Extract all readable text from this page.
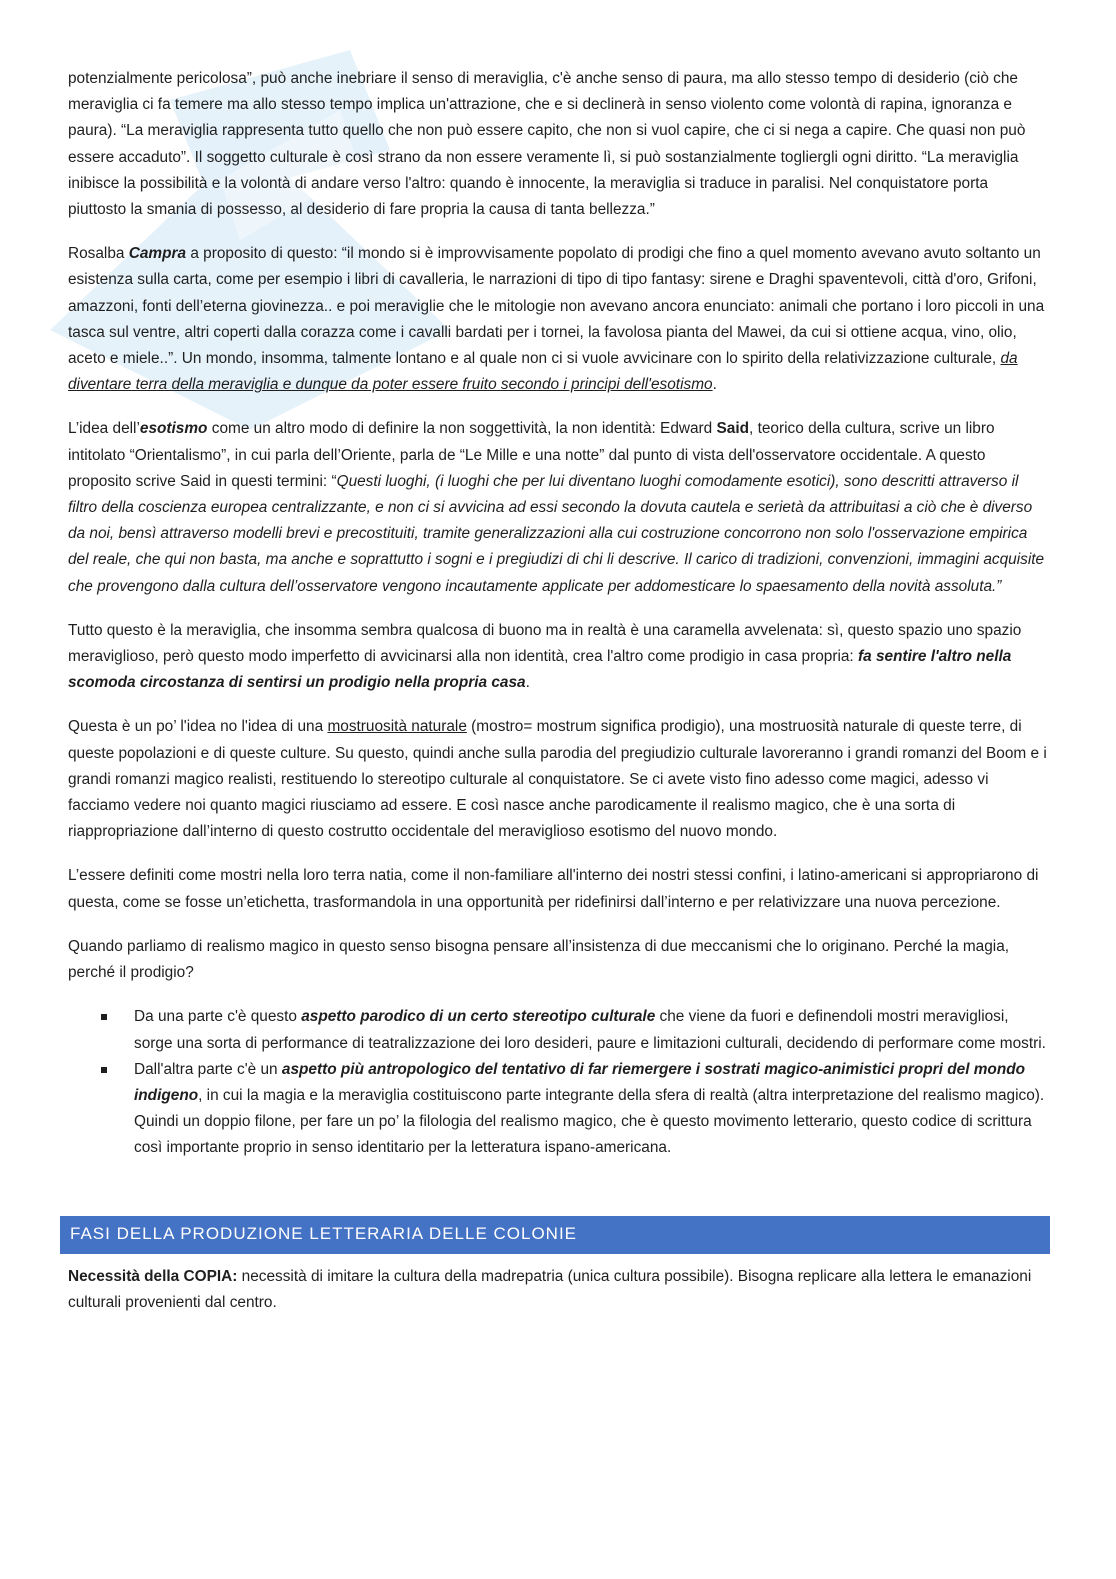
potenzialmente pericolosa”, può anche inebriare il senso di meraviglia, c'è anche senso di paura, ma allo stesso tempo di desiderio (ciò che meraviglia ci fa temere ma allo stesso tempo implica un'attrazione, che e si declinerà in senso violento come volontà di rapina, ignoranza e paura). “La meraviglia rappresenta tutto quello che non può essere capito, che non si vuol capire, che ci si nega a capire. Che quasi non può essere accaduto”. Il soggetto culturale è così strano da non essere veramente lì, si può sostanzialmente togliergli ogni diritto. “La meraviglia inibisce la possibilità e la volontà di andare verso l'altro: quando è innocente, la meraviglia si traduce in paralisi. Nel conquistatore porta piuttosto la smania di possesso, al desiderio di fare propria la causa di tanta bellezza.”

Rosalba Campra a proposito di questo: “il mondo si è improvvisamente popolato di prodigi che fino a quel momento avevano avuto soltanto un esistenza sulla carta, come per esempio i libri di cavalleria, le narrazioni di tipo di tipo fantasy: sirene e Draghi spaventevoli, città d'oro, Grifoni, amazzoni, fonti dell’eterna giovinezza.. e poi meraviglie che le mitologie non avevano ancora enunciato: animali che portano i loro piccoli in una tasca sul ventre, altri coperti dalla corazza come i cavalli bardati per i tornei, la favolosa pianta del Mawei, da cui si ottiene acqua, vino, olio, aceto e miele..”. Un mondo, insomma, talmente lontano e al quale non ci si vuole avvicinare con lo spirito della relativizzazione culturale, da diventare terra della meraviglia e dunque da poter essere fruito secondo i principi dell'esotismo.

L’idea dell’esotismo come un altro modo di definire la non soggettività, la non identità: Edward Said, teorico della cultura, scrive un libro intitolato “Orientalismo”, in cui parla dell’Oriente, parla de “Le Mille e una notte” dal punto di vista dell'osservatore occidentale. A questo proposito scrive Said in questi termini: “Questi luoghi, (i luoghi che per lui diventano luoghi comodamente esotici), sono descritti attraverso il filtro della coscienza europea centralizzante, e non ci si avvicina ad essi secondo la dovuta cautela e serietà da attribuitasi a ciò che è diverso da noi, bensì attraverso modelli brevi e precostituiti, tramite generalizzazioni alla cui costruzione concorrono non solo l'osservazione empirica del reale, che qui non basta, ma anche e soprattutto i sogni e i pregiudizi di chi li descrive. Il carico di tradizioni, convenzioni, immagini acquisite che provengono dalla cultura dell’osservatore vengono incautamente applicate per addomesticare lo spaesamento della novità assoluta.”

Tutto questo è la meraviglia, che insomma sembra qualcosa di buono ma in realtà è una caramella avvelenata: sì, questo spazio uno spazio meraviglioso, però questo modo imperfetto di avvicinarsi alla non identità, crea l'altro come prodigio in casa propria: fa sentire l'altro nella scomoda circostanza di sentirsi un prodigio nella propria casa.

Questa è un po’ l'idea no l'idea di una mostruosità naturale (mostro= mostrum significa prodigio), una mostruosità naturale di queste terre, di queste popolazioni e di queste culture. Su questo, quindi anche sulla parodia del pregiudizio culturale lavoreranno i grandi romanzi del Boom e i grandi romanzi magico realisti, restituendo lo stereotipo culturale al conquistatore. Se ci avete visto fino adesso come magici, adesso vi facciamo vedere noi quanto magici riusciamo ad essere. E così nasce anche parodicamente il realismo magico, che è una sorta di riappropriazione dall’interno di questo costrutto occidentale del meraviglioso esotismo del nuovo mondo.

L’essere definiti come mostri nella loro terra natia, come il non-familiare all'interno dei nostri stessi confini, i latino-americani si appropriarono di questa, come se fosse un’etichetta, trasformandola in una opportunità per ridefinirsi dall’interno e per relativizzare una nuova percezione.

Quando parliamo di realismo magico in questo senso bisogna pensare all’insistenza di due meccanismi che lo originano. Perché la magia, perché il prodigio?

Da una parte c'è questo aspetto parodico di un certo stereotipo culturale che viene da fuori e definendoli mostri meravigliosi, sorge una sorta di performance di teatralizzazione dei loro desideri, paure e limitazioni culturali, decidendo di performare come mostri.
Dall'altra parte c'è un aspetto più antropologico del tentativo di far riemergere i sostrati magico-animistici propri del mondo indigeno, in cui la magia e la meraviglia costituiscono parte integrante della sfera di realtà (altra interpretazione del realismo magico). Quindi un doppio filone, per fare un po’ la filologia del realismo magico, che è questo movimento letterario, questo codice di scrittura così importante proprio in senso identitario per la letteratura ispano-americana.
FASI DELLA PRODUZIONE LETTERARIA DELLE COLONIE

Necessità della COPIA: necessità di imitare la cultura della madrepatria (unica cultura possibile). Bisogna replicare alla lettera le emanazioni culturali provenienti dal centro.
